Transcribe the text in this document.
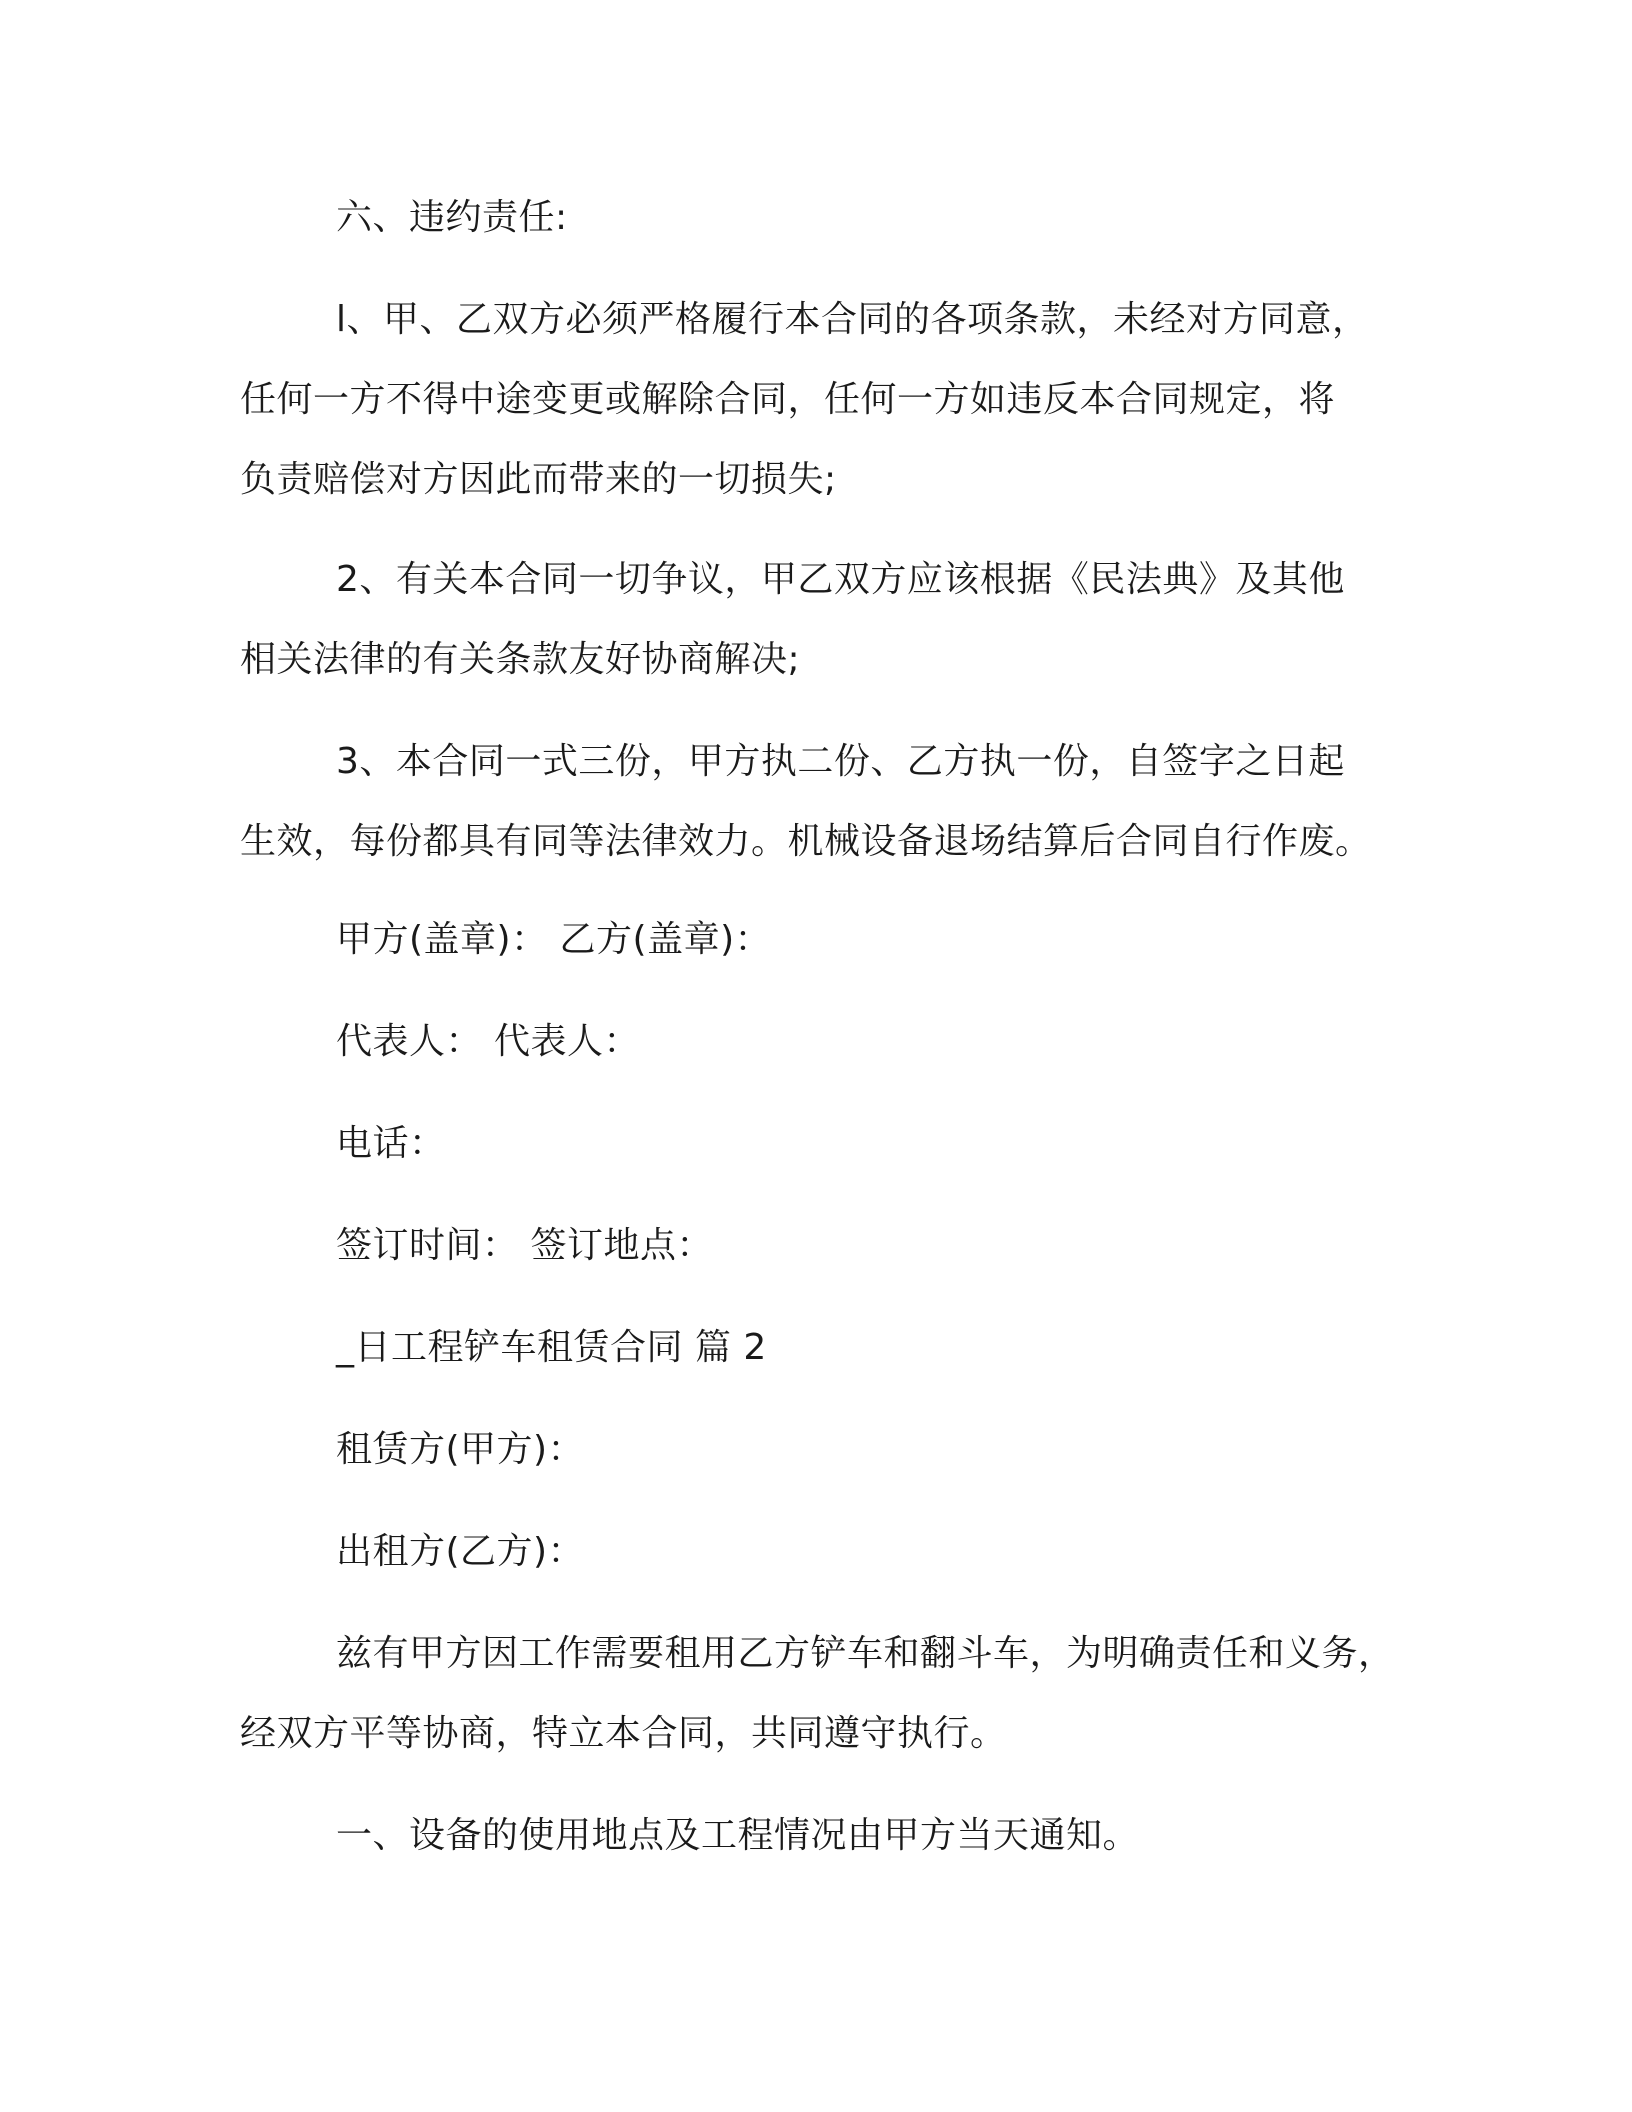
六、违约责任:
l、甲、乙双方必须严格履行本合同的各项条款，未经对方同意，
任何一方不得中途变更或解除合同，任何一方如违反本合同规定，将
负责赔偿对方因此而带来的一切损失;
2、有关本合同一切争议，甲乙双方应该根据《民法典》及其他
相关法律的有关条款友好协商解决;
3、本合同一式三份，甲方执二份、乙方执一份，自签字之日起
生效，每份都具有同等法律效力。机械设备退场结算后合同自行作废。
甲方(盖章)： 乙方(盖章)：
代表人： 代表人：
电话：
签订时间： 签订地点：
_日工程铲车租赁合同 篇 2
租赁方(甲方)：
出租方(乙方)：
兹有甲方因工作需要租用乙方铲车和翻斗车，为明确责任和义务，
经双方平等协商，特立本合同，共同遵守执行。
一、设备的使用地点及工程情况由甲方当天通知。
